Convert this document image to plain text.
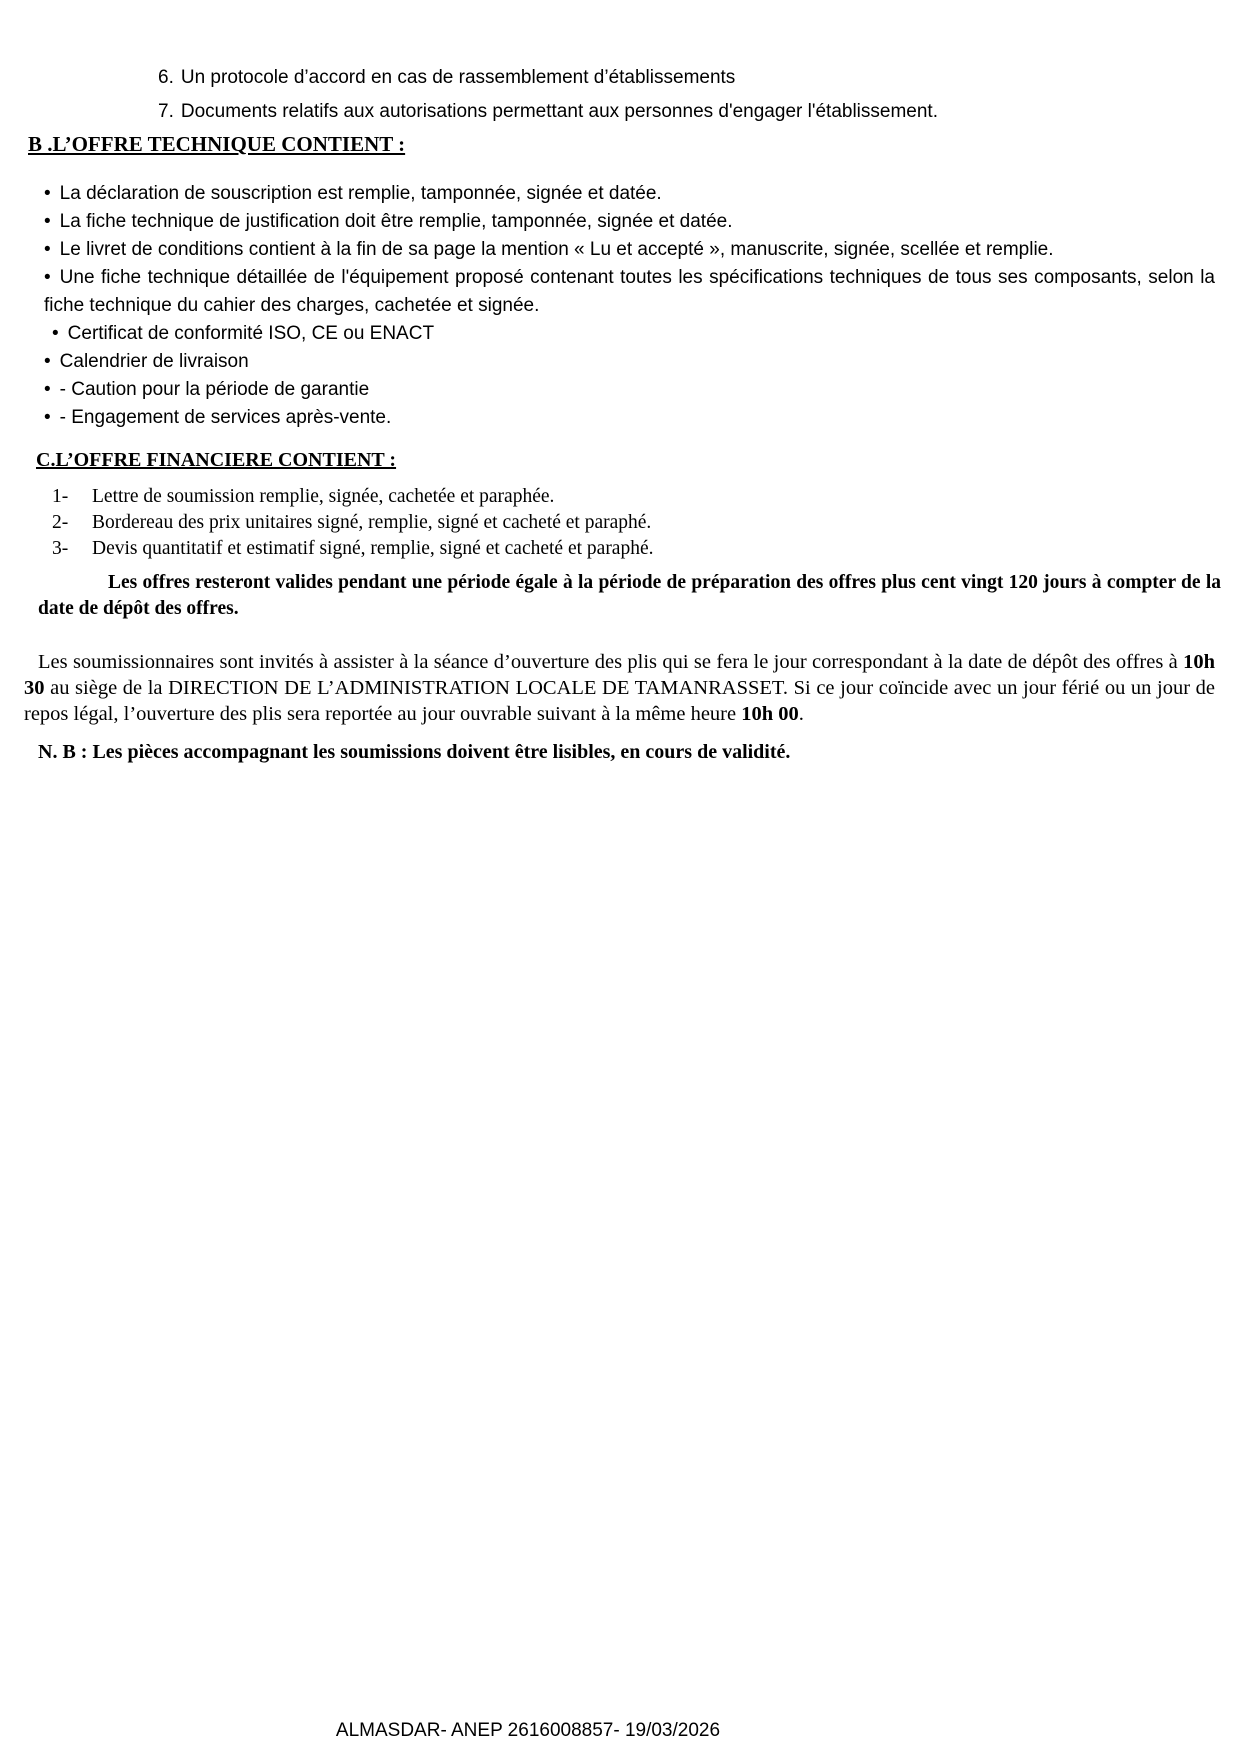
6. Un protocole d’accord en cas de rassemblement d’établissements

7. Documents relatifs aux autorisations permettant aux personnes d'engager l'établissement.

B .L’OFFRE TECHNIQUE CONTIENT :

• La déclaration de souscription est remplie, tamponnée, signée et datée.

• La fiche technique de justification doit être remplie, tamponnée, signée et datée.

• Le livret de conditions contient à la fin de sa page la mention « Lu et accepté », manuscrite, signée, scellée et remplie.

• Une fiche technique détaillée de l'équipement proposé contenant toutes les spécifications techniques de tous ses composants, selon la fiche technique du cahier des charges, cachetée et signée.

• Certificat de conformité ISO, CE ou ENACT

• Calendrier de livraison

• - Caution pour la période de garantie

• - Engagement de services après-vente.

C.L’OFFRE FINANCIERE CONTIENT :

1- Lettre de soumission remplie, signée, cachetée et paraphée.

2- Bordereau des prix unitaires signé, remplie, signé et cacheté et paraphé.

3- Devis quantitatif et estimatif signé, remplie, signé et cacheté et paraphé.

Les offres resteront valides pendant une période égale à la période de préparation des offres plus cent vingt 120 jours à compter de la date de dépôt des offres.

Les soumissionnaires sont invités à assister à la séance d’ouverture des plis qui se fera le jour correspondant à la date de dépôt des offres à 10h 30 au siège de la DIRECTION DE L’ADMINISTRATION LOCALE DE TAMANRASSET. Si ce jour coïncide avec un jour férié ou un jour de repos légal, l’ouverture des plis sera reportée au jour ouvrable suivant à la même heure 10h 00.

N. B : Les pièces accompagnant les soumissions doivent être lisibles, en cours de validité.

ALMASDAR- ANEP 2616008857- 19/03/2026
